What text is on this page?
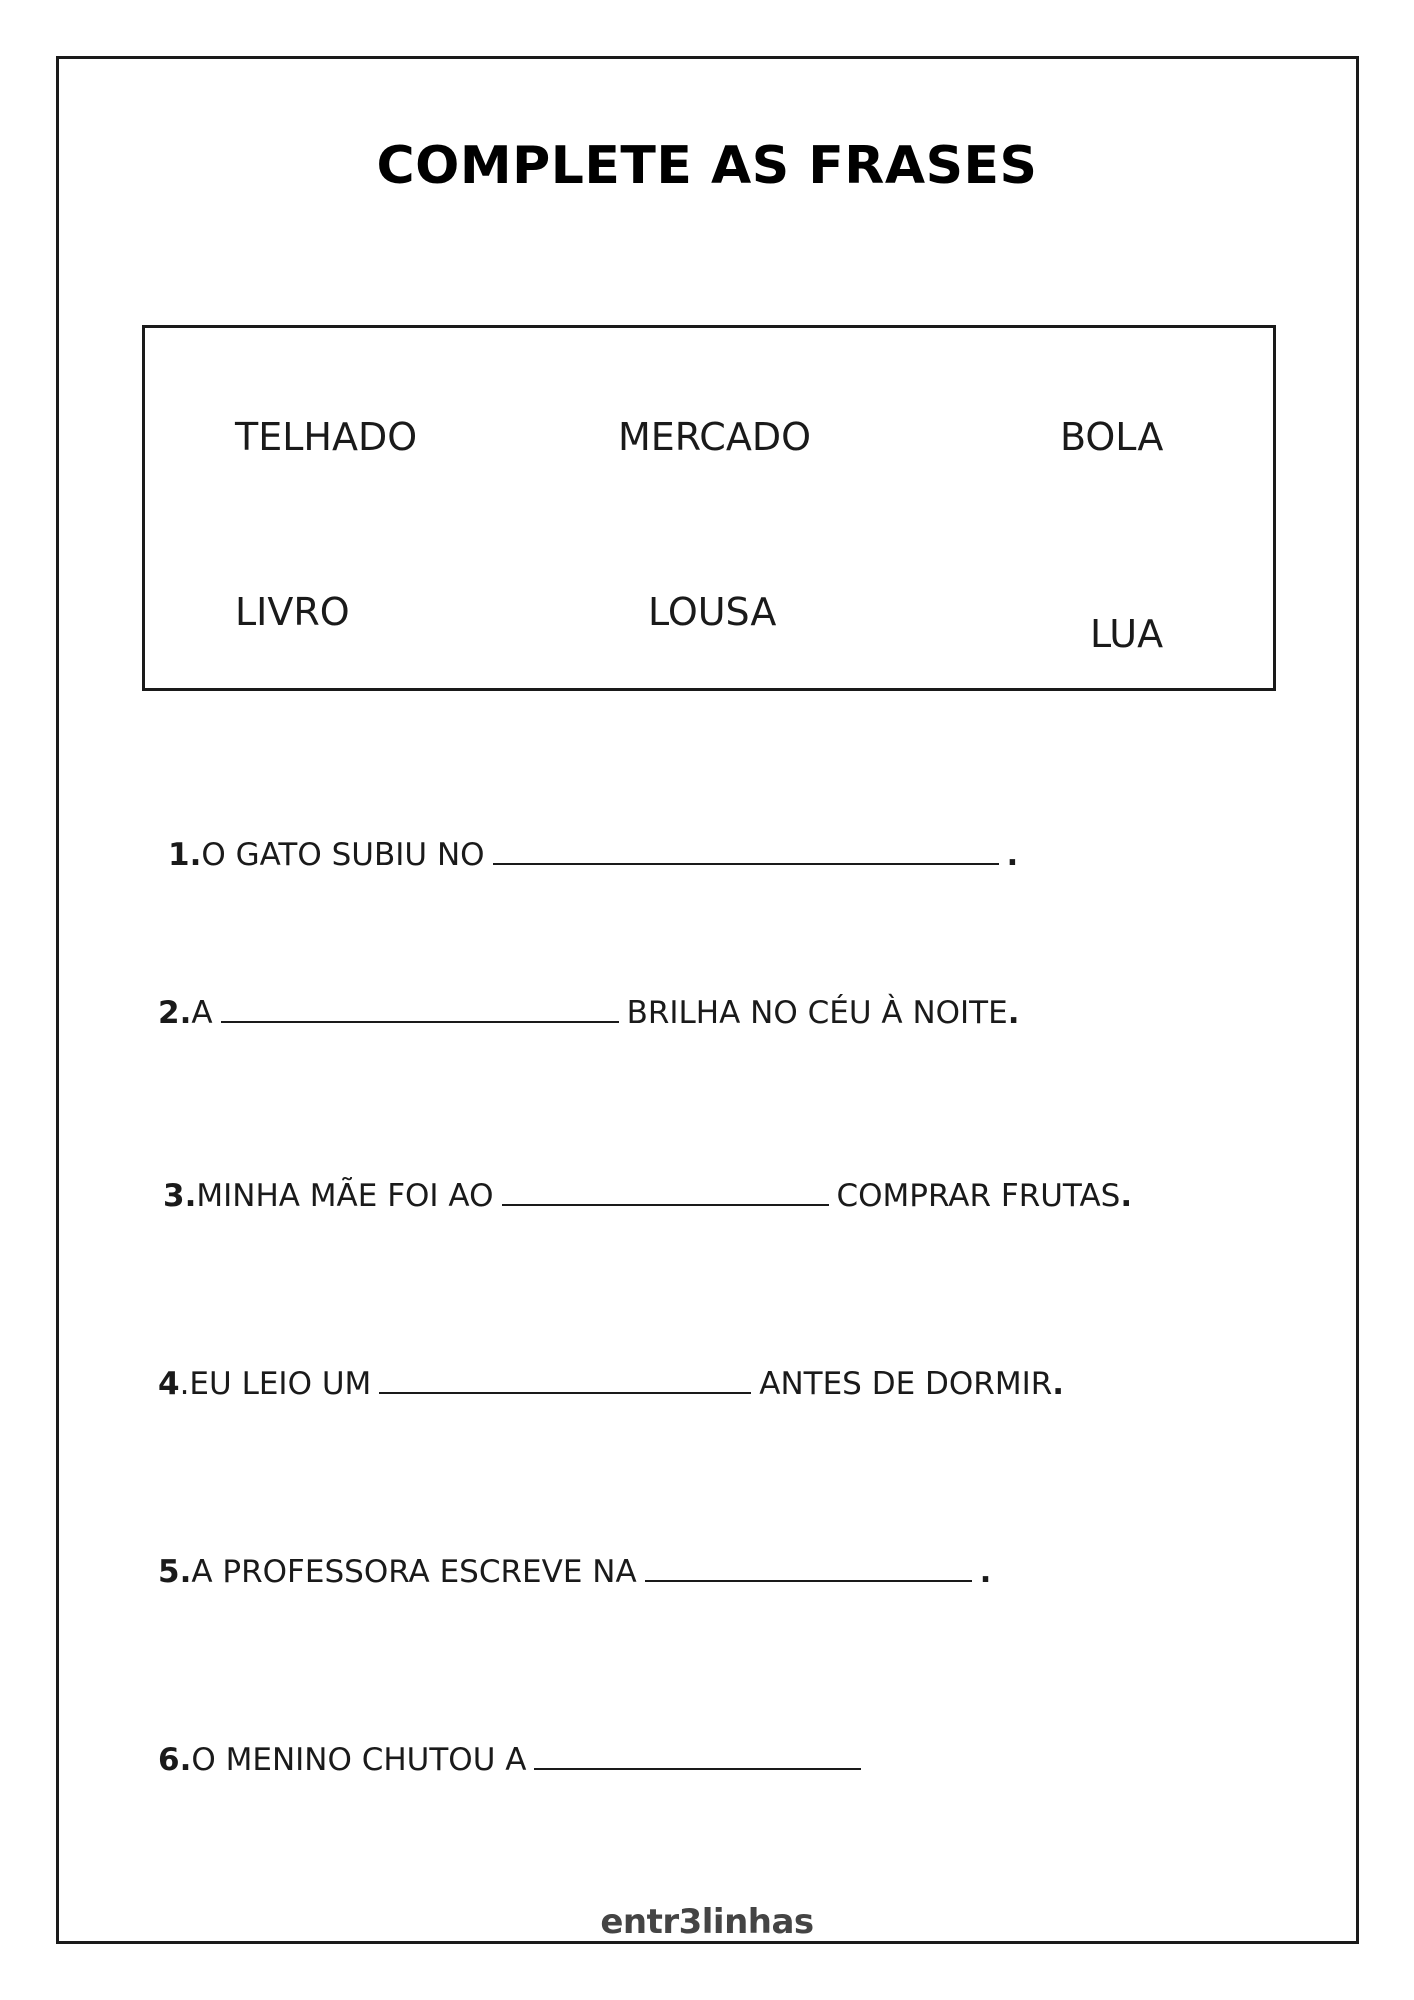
COMPLETE AS FRASES
TELHADO	MERCADO	BOLA
LIVRO	LOUSA	LUA
1.O GATO SUBIU NO	.
2.A	BRILHA NO CÉU À NOITE.
3.MINHA MÃE FOI AO	COMPRAR FRUTAS.
4.EU LEIO UM	ANTES DE DORMIR.
5.A PROFESSORA ESCREVE NA	.
6.O MENINO CHUTOU A
entr3linhas
